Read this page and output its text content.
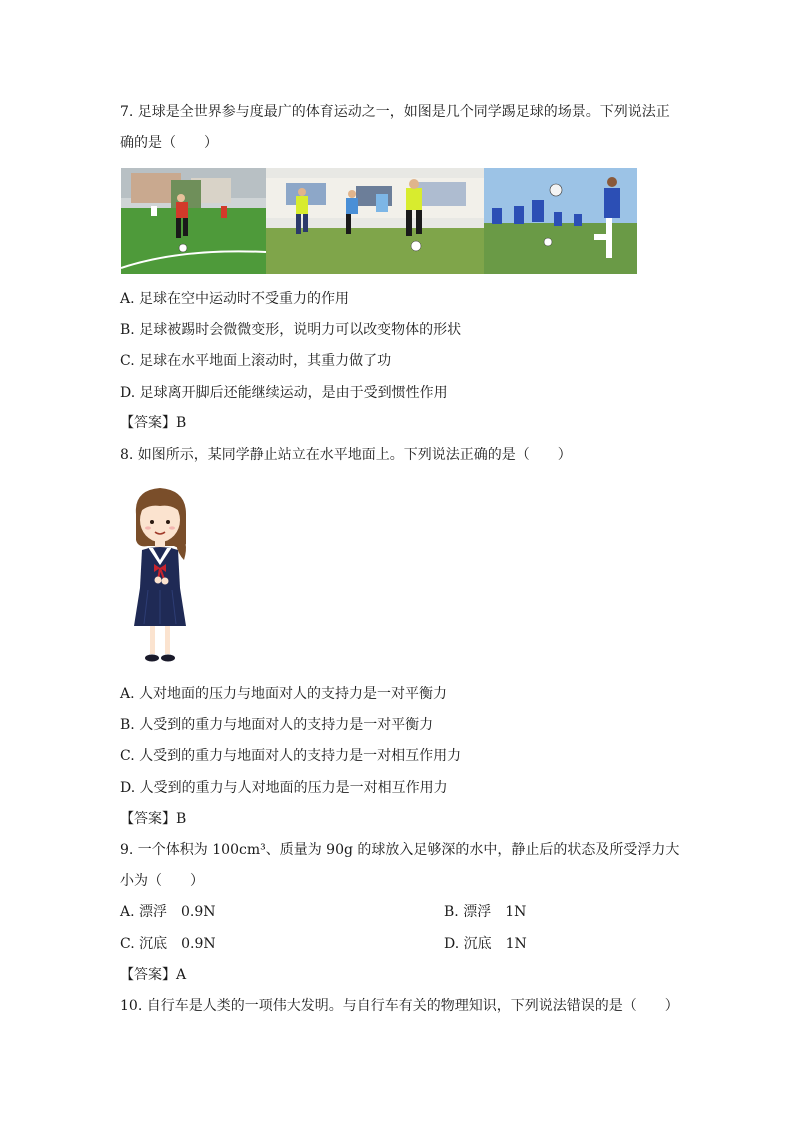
7. 足球是全世界参与度最广的体育运动之一，如图是几个同学踢足球的场景。下列说法正
确的是（　　）
A. 足球在空中运动时不受重力的作用
B. 足球被踢时会微微变形，说明力可以改变物体的形状
C. 足球在水平地面上滚动时，其重力做了功
D. 足球离开脚后还能继续运动，是由于受到惯性作用
【答案】B
8. 如图所示，某同学静止站立在水平地面上。下列说法正确的是（　　）
A. 人对地面的压力与地面对人的支持力是一对平衡力
B. 人受到的重力与地面对人的支持力是一对平衡力
C. 人受到的重力与地面对人的支持力是一对相互作用力
D. 人受到的重力与人对地面的压力是一对相互作用力
【答案】B
9. 一个体积为 100cm³、质量为 90g 的球放入足够深的水中，静止后的状态及所受浮力大
小为（　　）
A. 漂浮　0.9N	B. 漂浮　1N
C. 沉底　0.9N	D. 沉底　1N
【答案】A
10. 自行车是人类的一项伟大发明。与自行车有关的物理知识，下列说法错误的是（　　）
